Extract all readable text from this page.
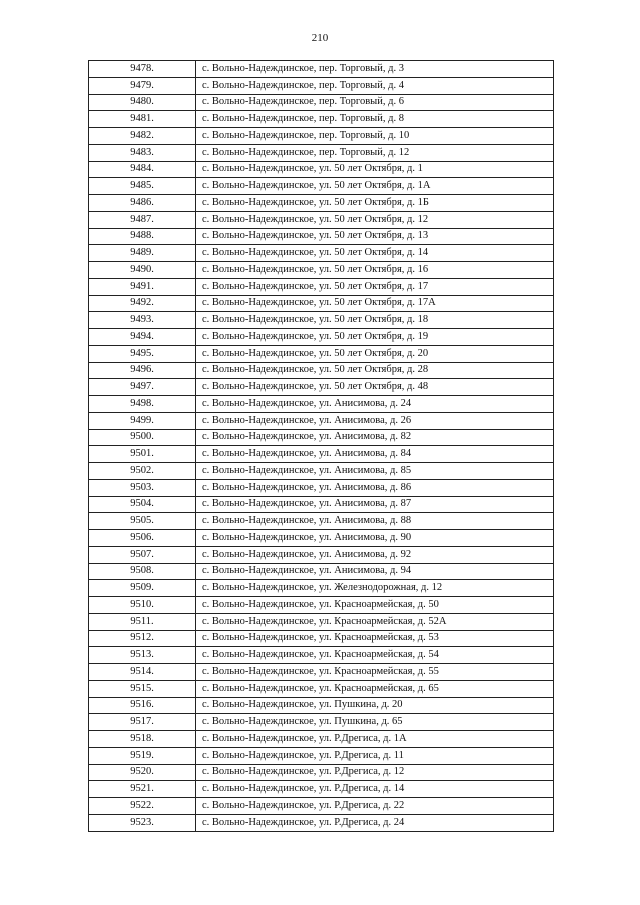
210
9478.	с. Вольно-Надеждинское, пер. Торговый, д. 3
9479.	с. Вольно-Надеждинское, пер. Торговый, д. 4
9480.	с. Вольно-Надеждинское, пер. Торговый, д. 6
9481.	с. Вольно-Надеждинское, пер. Торговый, д. 8
9482.	с. Вольно-Надеждинское, пер. Торговый, д. 10
9483.	с. Вольно-Надеждинское, пер. Торговый, д. 12
9484.	с. Вольно-Надеждинское, ул. 50 лет Октября, д. 1
9485.	с. Вольно-Надеждинское, ул. 50 лет Октября, д. 1А
9486.	с. Вольно-Надеждинское, ул. 50 лет Октября, д. 1Б
9487.	с. Вольно-Надеждинское, ул. 50 лет Октября, д. 12
9488.	с. Вольно-Надеждинское, ул. 50 лет Октября, д. 13
9489.	с. Вольно-Надеждинское, ул. 50 лет Октября, д. 14
9490.	с. Вольно-Надеждинское, ул. 50 лет Октября, д. 16
9491.	с. Вольно-Надеждинское, ул. 50 лет Октября, д. 17
9492.	с. Вольно-Надеждинское, ул. 50 лет Октября, д. 17А
9493.	с. Вольно-Надеждинское, ул. 50 лет Октября, д. 18
9494.	с. Вольно-Надеждинское, ул. 50 лет Октября, д. 19
9495.	с. Вольно-Надеждинское, ул. 50 лет Октября, д. 20
9496.	с. Вольно-Надеждинское, ул. 50 лет Октября, д. 28
9497.	с. Вольно-Надеждинское, ул. 50 лет Октября, д. 48
9498.	с. Вольно-Надеждинское, ул. Анисимова, д. 24
9499.	с. Вольно-Надеждинское, ул. Анисимова, д. 26
9500.	с. Вольно-Надеждинское, ул. Анисимова, д. 82
9501.	с. Вольно-Надеждинское, ул. Анисимова, д. 84
9502.	с. Вольно-Надеждинское, ул. Анисимова, д. 85
9503.	с. Вольно-Надеждинское, ул. Анисимова, д. 86
9504.	с. Вольно-Надеждинское, ул. Анисимова, д. 87
9505.	с. Вольно-Надеждинское, ул. Анисимова, д. 88
9506.	с. Вольно-Надеждинское, ул. Анисимова, д. 90
9507.	с. Вольно-Надеждинское, ул. Анисимова, д. 92
9508.	с. Вольно-Надеждинское, ул. Анисимова, д. 94
9509.	с. Вольно-Надеждинское, ул. Железнодорожная, д. 12
9510.	с. Вольно-Надеждинское, ул. Красноармейская, д. 50
9511.	с. Вольно-Надеждинское, ул. Красноармейская, д. 52А
9512.	с. Вольно-Надеждинское, ул. Красноармейская, д. 53
9513.	с. Вольно-Надеждинское, ул. Красноармейская, д. 54
9514.	с. Вольно-Надеждинское, ул. Красноармейская, д. 55
9515.	с. Вольно-Надеждинское, ул. Красноармейская, д. 65
9516.	с. Вольно-Надеждинское, ул. Пушкина, д. 20
9517.	с. Вольно-Надеждинское, ул. Пушкина, д. 65
9518.	с. Вольно-Надеждинское, ул. Р.Дрегиса, д. 1А
9519.	с. Вольно-Надеждинское, ул. Р.Дрегиса, д. 11
9520.	с. Вольно-Надеждинское, ул. Р.Дрегиса, д. 12
9521.	с. Вольно-Надеждинское, ул. Р.Дрегиса, д. 14
9522.	с. Вольно-Надеждинское, ул. Р.Дрегиса, д. 22
9523.	с. Вольно-Надеждинское, ул. Р.Дрегиса, д. 24
